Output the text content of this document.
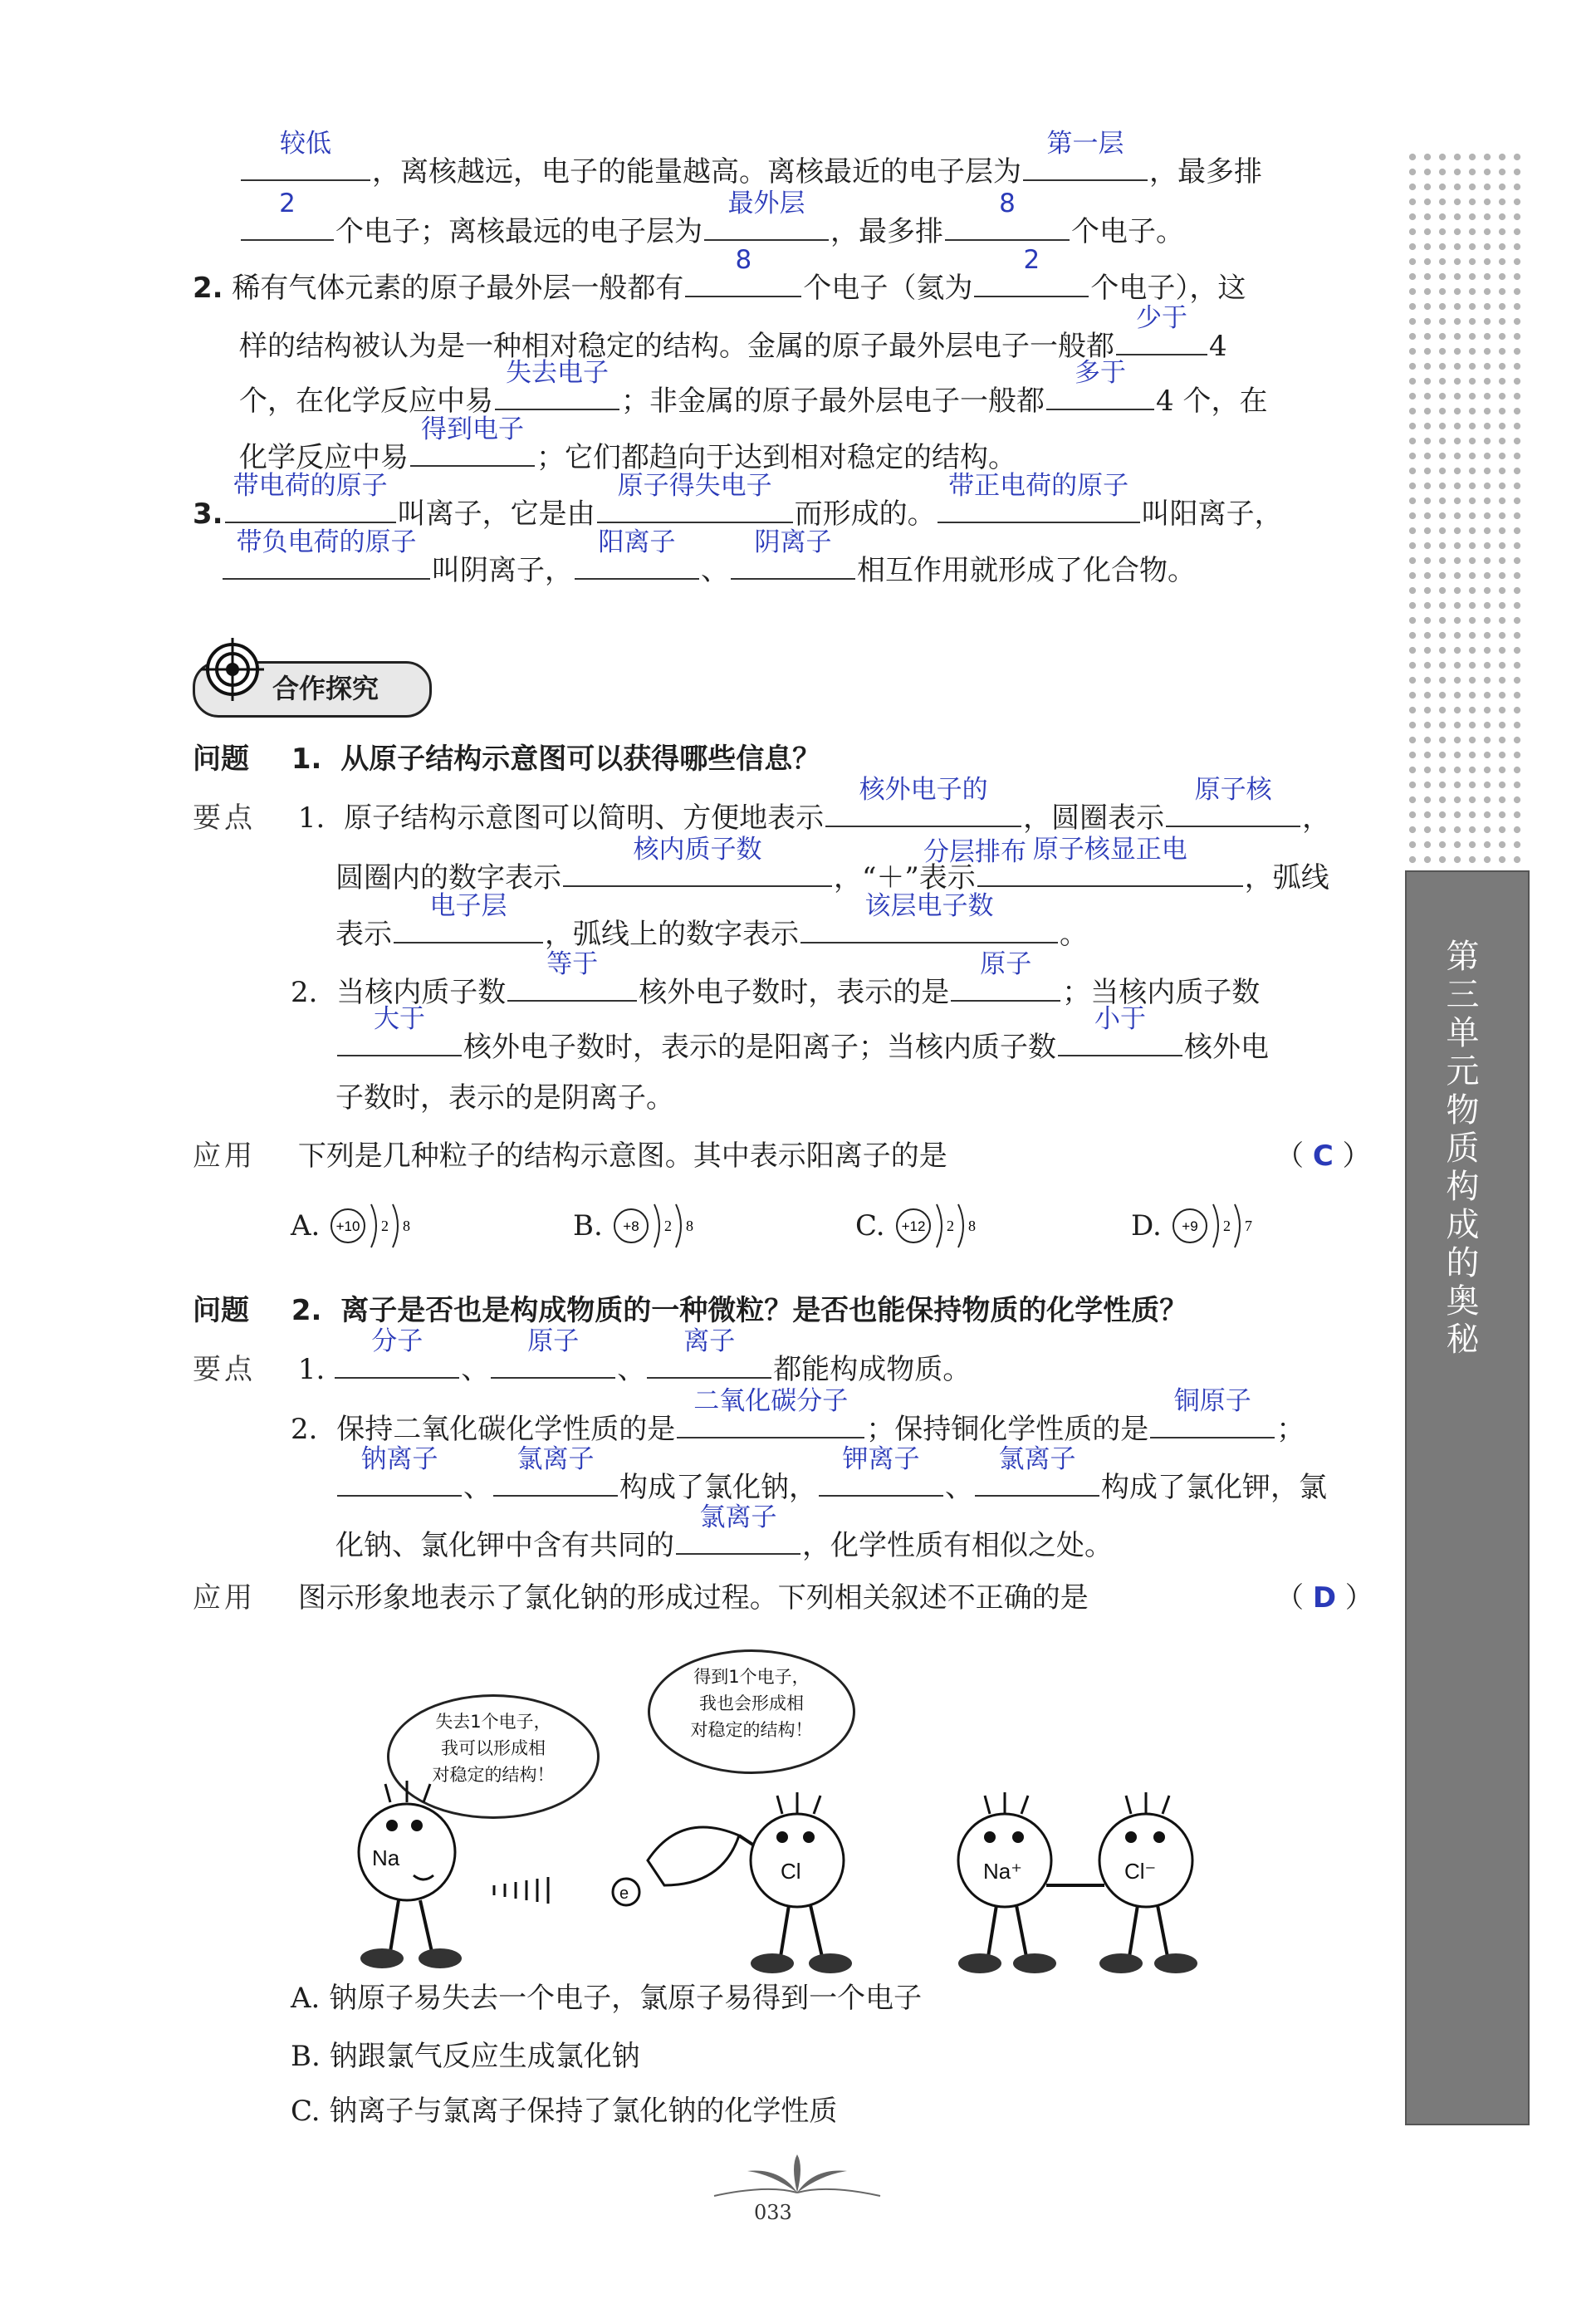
第三单元
物质构成的奥秘
较低
，离核越远，电子的能量越高。离核最近的电子层为
第一层
，最多排
2
个电子；离核最远的电子层为
最外层
，最多排
8
个电子。
2. 稀有气体元素的原子最外层一般都有
8
个电子（氦为
2
个电子），这
样的结构被认为是一种相对稳定的结构。金属的原子最外层电子一般都
少于
4
个，在化学反应中易
失去电子
；非金属的原子最外层电子一般都
多于
4 个，在
化学反应中易
得到电子
；它们都趋向于达到相对稳定的结构。
3.
带电荷的原子
叫离子，它是由
原子得失电子
而形成的。
带正电荷的原子
叫阳离子，
带负电荷的原子
叫阴离子，
阳离子
、
阴离子
相互作用就形成了化合物。
合作探究
问题 1. 从原子结构示意图可以获得哪些信息？
要点 1. 原子结构示意图可以简明、方便地表示
核外电子的
，圆圈表示
原子核
，
分层排布
圆圈内的数字表示
核内质子数
，“＋”表示
原子核显正电
，弧线
表示
电子层
，弧线上的数字表示
该层电子数
。
2. 当核内质子数
等于
核外电子数时，表示的是
原子
；当核内质子数
大于
核外电子数时，表示的是阳离子；当核内质子数
小于
核外电
子数时，表示的是阴离子。
应用 下列是几种粒子的结构示意图。其中表示阳离子的是	（ C ）
A. +10 2 8	B. +8 2 8	C. +12 2 8	D. +9 2 7
问题 2. 离子是否也是构成物质的一种微粒？是否也能保持物质的化学性质？
要点 1.
分子
、
原子
、
离子
都能构成物质。
2. 保持二氧化碳化学性质的是
二氧化碳分子
；保持铜化学性质的是
铜原子
；
钠离子
、
氯离子
构成了氯化钠，
钾离子
、
氯离子
构成了氯化钾，氯
化钠、氯化钾中含有共同的
氯离子
，化学性质有相似之处。
应用 图示形象地表示了氯化钠的形成过程。下列相关叙述不正确的是	（ D ）
失去1个电子，
我可以形成相
对稳定的结构！
得到1个电子，
我也会形成相
对稳定的结构！
Na
e
Cl	Na⁺	Cl⁻
A. 钠原子易失去一个电子，氯原子易得到一个电子
B. 钠跟氯气反应生成氯化钠
C. 钠离子与氯离子保持了氯化钠的化学性质
033
